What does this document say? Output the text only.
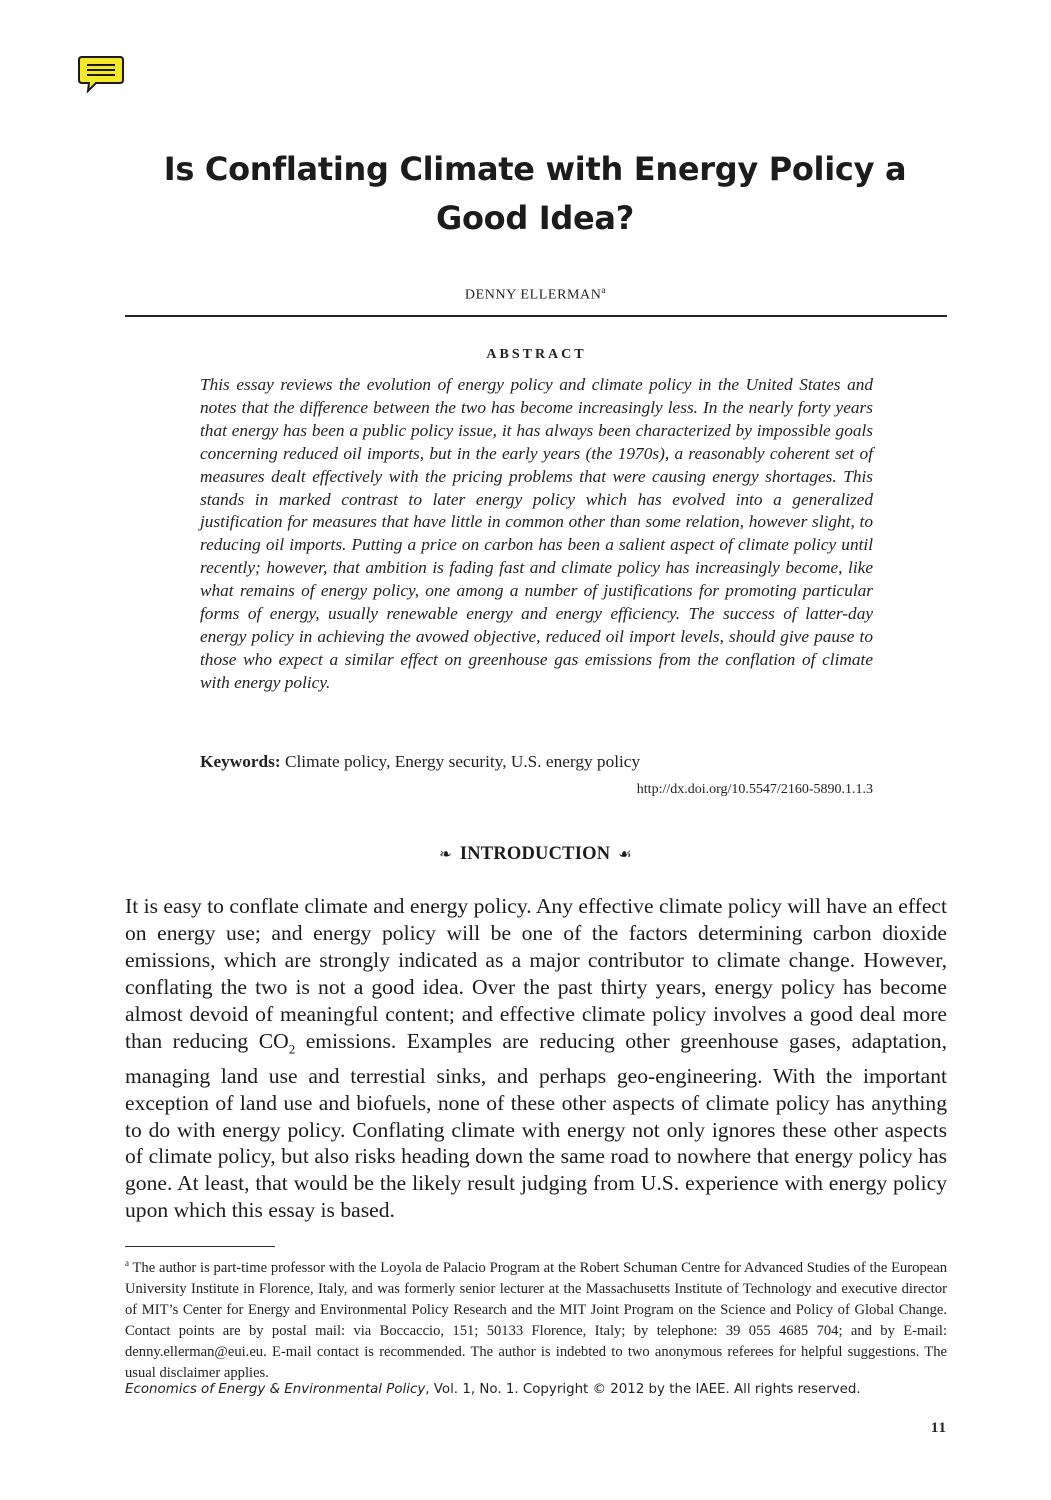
Is Conflating Climate with Energy Policy a Good Idea?
DENNY ELLERMAN$^a$
ABSTRACT

This essay reviews the evolution of energy policy and climate policy in the United States and notes that the difference between the two has become increasingly less. In the nearly forty years that energy has been a public policy issue, it has always been characterized by impossible goals concerning reduced oil imports, but in the early years (the 1970s), a reasonably coherent set of measures dealt effectively with the pricing problems that were causing energy shortages. This stands in marked contrast to later energy policy which has evolved into a generalized justification for measures that have little in common other than some relation, however slight, to reducing oil imports. Putting a price on carbon has been a salient aspect of climate policy until recently; however, that ambition is fading fast and climate policy has increasingly become, like what remains of energy policy, one among a number of justifications for promoting particular forms of energy, usually renewable energy and energy efficiency. The success of latter-day energy policy in achieving the avowed objective, reduced oil import levels, should give pause to those who expect a similar effect on greenhouse gas emissions from the conflation of climate with energy policy.

Keywords: Climate policy, Energy security, U.S. energy policy
http://dx.doi.org/10.5547/2160-5890.1.1.3
❧ INTRODUCTION ☙

It is easy to conflate climate and energy policy. Any effective climate policy will have an effect on energy use; and energy policy will be one of the factors determining carbon dioxide emissions, which are strongly indicated as a major contributor to climate change. However, conflating the two is not a good idea. Over the past thirty years, energy policy has become almost devoid of meaningful content; and effective climate policy involves a good deal more than reducing $CO_2$ emissions. Examples are reducing other greenhouse gases, adaptation, managing land use and terrestial sinks, and perhaps geo-engineering. With the important exception of land use and biofuels, none of these other aspects of climate policy has anything to do with energy policy. Conflating climate with energy not only ignores these other aspects of climate policy, but also risks heading down the same road to nowhere that energy policy has gone. At least, that would be the likely result judging from U.S. experience with energy policy upon which this essay is based.

$^a$ The author is part-time professor with the Loyola de Palacio Program at the Robert Schuman Centre for Advanced Studies of the European University Institute in Florence, Italy, and was formerly senior lecturer at the Massachusetts Institute of Technology and executive director of MIT’s Center for Energy and Environmental Policy Research and the MIT Joint Program on the Science and Policy of Global Change. Contact points are by postal mail: via Boccaccio, 151; 50133 Florence, Italy; by telephone: 39 055 4685 704; and by E-mail: denny.ellerman@eui.eu. E-mail contact is recommended. The author is indebted to two anonymous referees for helpful suggestions. The usual disclaimer applies.

Economics of Energy & Environmental Policy, Vol. 1, No. 1. Copyright © 2012 by the IAEE. All rights reserved.
11
